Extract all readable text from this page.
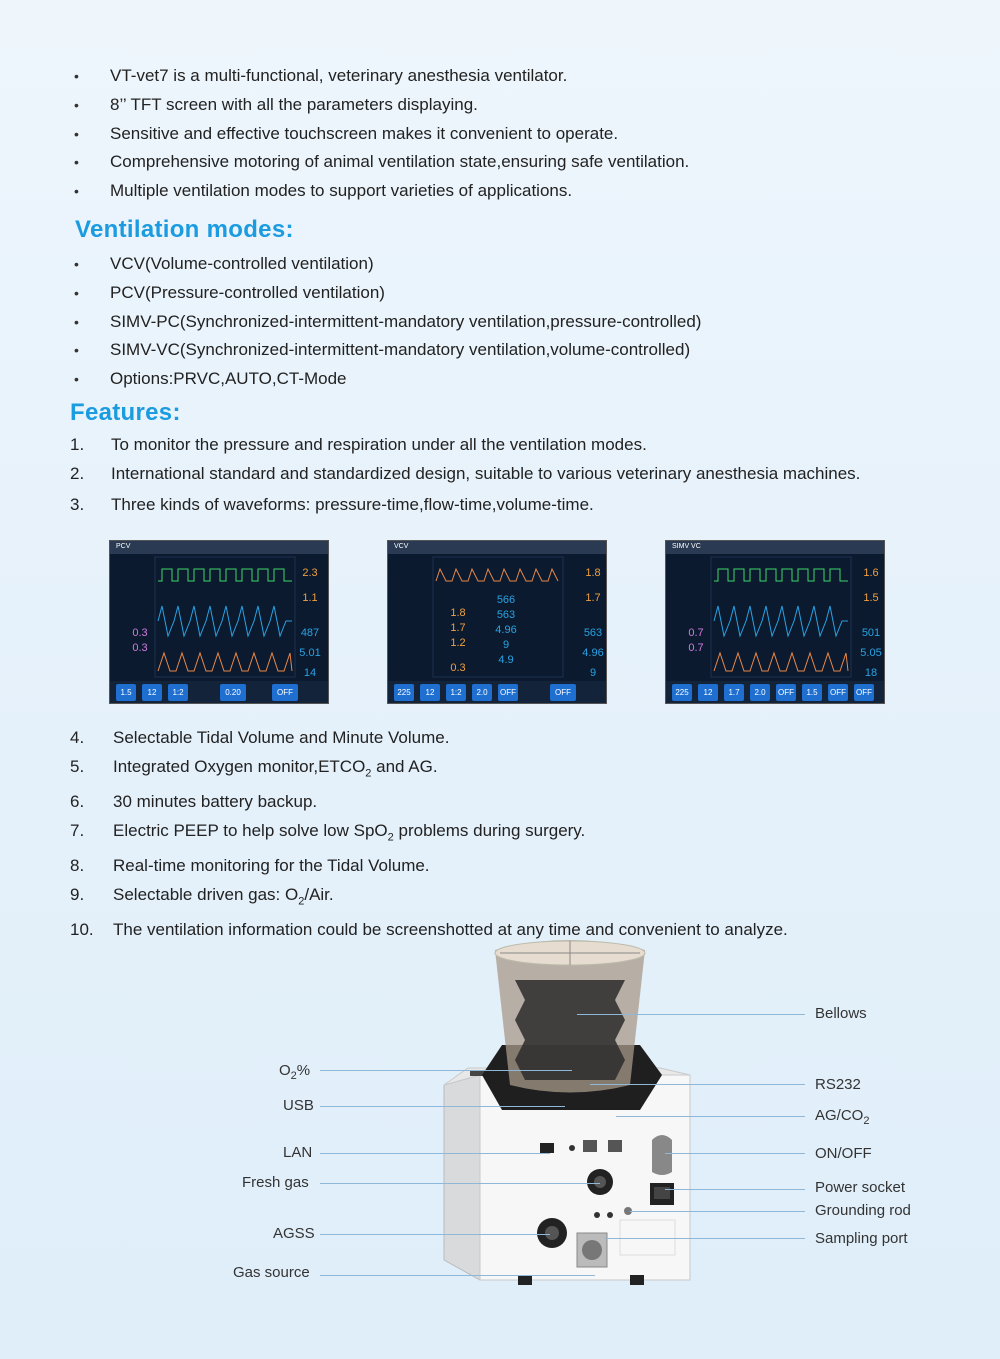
• VT-vet7 is a multi-functional, veterinary anesthesia ventilator.
• 8’’ TFT screen with all the parameters displaying.
• Sensitive and effective touchscreen makes it convenient to operate.
• Comprehensive motoring of animal ventilation state,ensuring safe ventilation.
• Multiple ventilation modes to support varieties of applications.
Ventilation modes:
• VCV(Volume-controlled ventilation)
• PCV(Pressure-controlled ventilation)
• SIMV-PC(Synchronized-intermittent-mandatory ventilation,pressure-controlled)
• SIMV-VC(Synchronized-intermittent-mandatory ventilation,volume-controlled)
• Options:PRVC,AUTO,CT-Mode
Features:
1. To monitor the pressure and respiration under all the ventilation modes.
2. International standard and standardized design, suitable to various veterinary anesthesia machines.
3. Three kinds of waveforms: pressure-time,flow-time,volume-time.
PCV
2.3
1.1
487
5.01
14
0.3
0.3
1.5	12	1:2	0.20	OFF
VCV
1.8
1.7
1.2
0.3
566
563
4.96
9
4.9
1.8
1.7
563
4.96
9
225	12	1:2	2.0	OFF	OFF
SIMV VC
1.6
1.5
501
5.05
18
0.7
0.7
225	12	1.7	2.0	OFF	1.5	OFF OFF
4. Selectable Tidal Volume and Minute Volume.
5. Integrated Oxygen $monitor,ETCO_2$ and AG.
6. 30 minutes battery backup.
7. Electric PEEP to help solve low SpO$_2$ problems during surgery.
8. Real-time monitoring for the Tidal Volume.
9. Selectable driven gas: $O_2$/Air.
10. The ventilation information could be screenshotted at any time and convenient to analyze.
$O_2\%$
USB
LAN
Fresh gas
AGSS
Gas source
Bellows
RS232
$AG/CO_2$
ON/OFF
Power socket
Grounding rod
Sampling port
